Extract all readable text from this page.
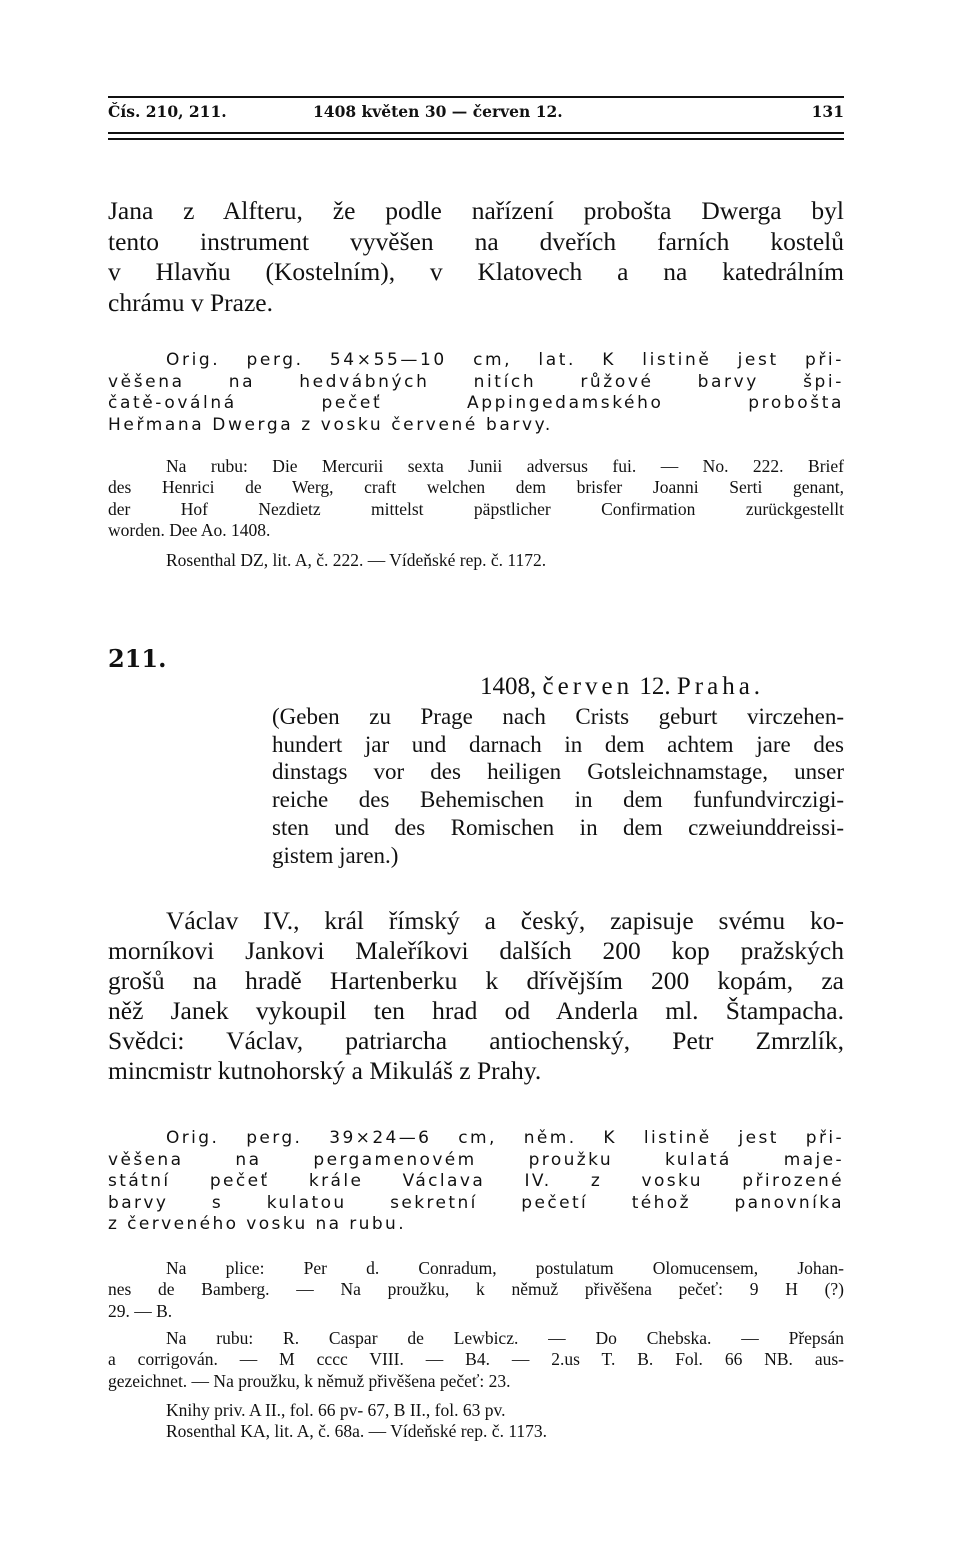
Čís. 210, 211.	1408 květen 30 — červen 12.	131
Jana z Alfteru, že podle nařízení probošta Dwerga byl
tento instrument vyvěšen na dveřích farních kostelů
v Hlavňu (Kostelním), v Klatovech a na katedrálním
chrámu v Praze.
Orig. perg. 54×55—10 cm, lat. K listině jest při-
věšena na hedvábných nitích růžové barvy špi-
čatě-oválná pečeť Appingedamského probošta
Heřmana Dwerga z vosku červené barvy.
Na rubu: Die Mercurii sexta Junii adversus fui. — No. 222. Brief
des Henrici de Werg, craft welchen dem brisfer Joanni Serti genant,
der Hof Nezdietz mittelst päpstlicher Confirmation zurückgestellt
worden. Dee Ao. 1408.
Rosenthal DZ, lit. A, č. 222. — Vídeňské rep. č. 1172.
211.
1408, červen 12. Praha.
(Geben zu Prage nach Crists geburt virczehen-
hundert jar und darnach in dem achtem jare des
dinstags vor des heiligen Gotsleichnamstage, unser
reiche des Behemischen in dem funfundvirczigi-
sten und des Romischen in dem czweiunddreissi-
gistem jaren.)
Václav IV., král římský a český, zapisuje svému ko-
morníkovi Jankovi Maleříkovi dalších 200 kop pražských
grošů na hradě Hartenberku k dřívějším 200 kopám, za
něž Janek vykoupil ten hrad od Anderla ml. Štampacha.
Svědci: Václav, patriarcha antiochenský, Petr Zmrzlík,
mincmistr kutnohorský a Mikuláš z Prahy.
Orig. perg. 39×24—6 cm, něm. K listině jest při-
věšena na pergamenovém proužku kulatá maje-
státní pečeť krále Václava IV. z vosku přirozené
barvy s kulatou sekretní pečetí téhož panovníka
z červeného vosku na rubu.
Na plice: Per d. Conradum, postulatum Olomucensem, Johan-
nes de Bamberg. — Na proužku, k němuž přivěšena pečeť: 9 H (?)
29. — B.
Na rubu: R. Caspar de Lewbicz. — Do Chebska. — Přepsán
a corrigován. — M cccc VIII. — B4. — 2.us T. B. Fol. 66 NB. aus-
gezeichnet. — Na proužku, k němuž přivěšena pečeť: 23.
Knihy priv. A II., fol. 66 pv- 67, B II., fol. 63 pv.
Rosenthal KA, lit. A, č. 68a. — Vídeňské rep. č. 1173.
